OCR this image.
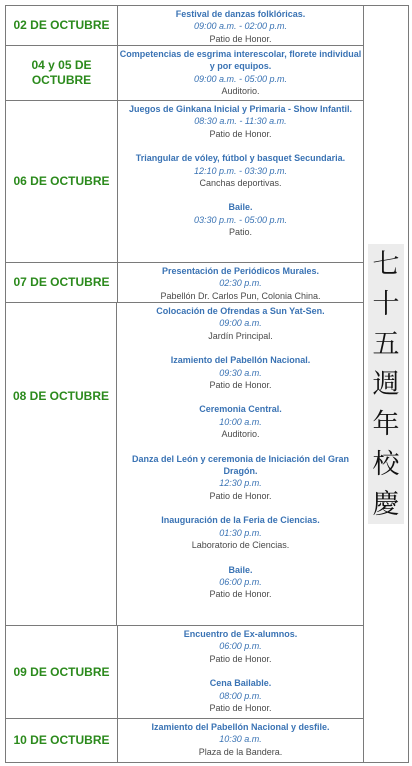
02 DE OCTUBRE
Festival de danzas folklóricas.
09:00 a.m. - 02:00 p.m.
Patio de Honor.
04 y 05 DE OCTUBRE
Competencias de esgrima interescolar, florete individual y por equipos.
09:00 a.m. - 05:00 p.m.
Auditorio.
06 DE OCTUBRE
Juegos de Ginkana Inicial y Primaria - Show Infantil.
08:30 a.m. - 11:30 a.m.
Patio de Honor.
Triangular de vóley, fútbol y basquet Secundaria.
12:10 p.m. - 03:30 p.m.
Canchas deportivas.
Baile.
03:30 p.m. - 05:00 p.m.
Patio.
07 DE OCTUBRE
Presentación de Periódicos Murales.
02:30 p.m.
Pabellón Dr. Carlos Pun, Colonia China.
08 DE OCTUBRE
Colocación de Ofrendas a Sun Yat-Sen.
09:00 a.m.
Jardín Principal.
Izamiento del Pabellón Nacional.
09:30 a.m.
Patio de Honor.
Ceremonia Central.
10:00 a.m.
Auditorio.
Danza del León y ceremonia de Iniciación del Gran Dragón.
12:30 p.m.
Patio de Honor.
Inauguración de la Feria de Ciencias.
01:30 p.m.
Laboratorio de Ciencias.
Baile.
06:00 p.m.
Patio de Honor.
09 DE OCTUBRE
Encuentro de Ex-alumnos.
06:00 p.m.
Patio de Honor.
Cena Bailable.
08:00 p.m.
Patio de Honor.
10 DE OCTUBRE
Izamiento del Pabellón Nacional y desfile.
10:30 a.m.
Plaza de la Bandera.
七
十
五
週
年
校
慶
